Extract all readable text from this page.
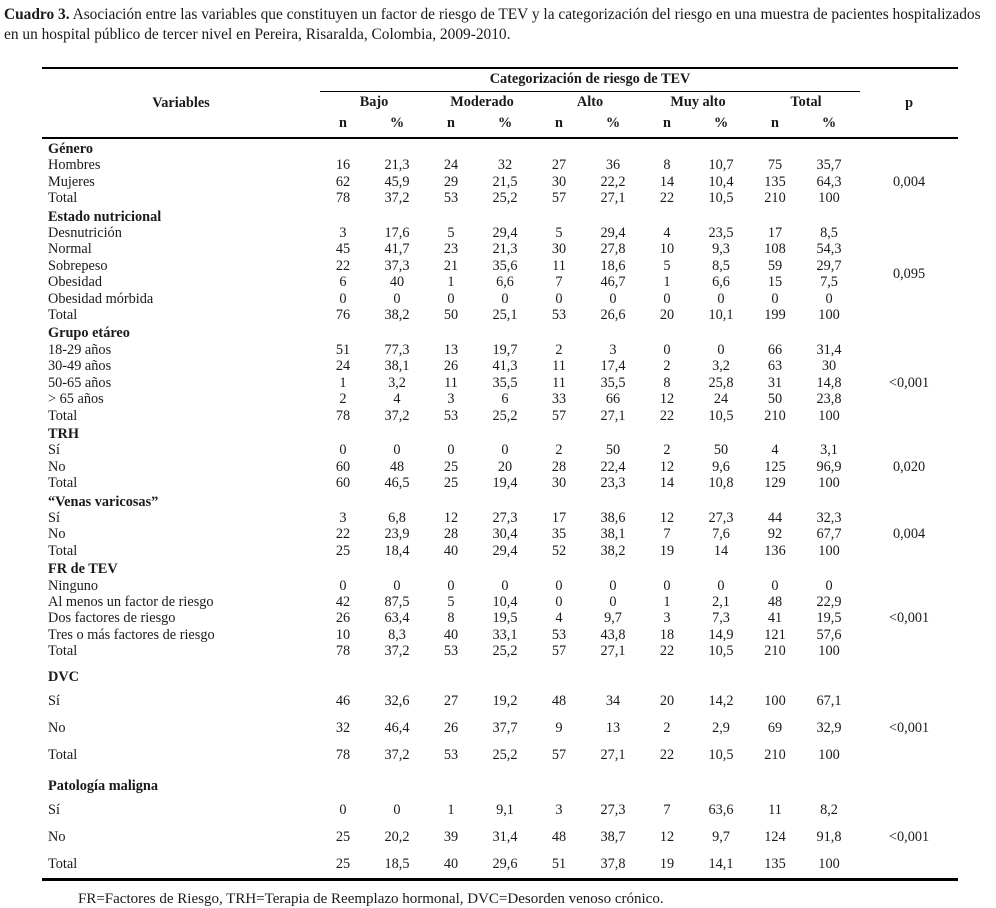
Cuadro 3. Asociación entre las variables que constituyen un factor de riesgo de TEV y la categorización del riesgo en una muestra de pacientes hospitalizados en un hospital público de tercer nivel en Pereira, Risaralda, Colombia, 2009-2010.

Variables	Categorización de riesgo de TEV										p
	Bajo		Moderado		Alto		Muy alto		Total		
	n	%	n	%	n	%	n	%	n	%	
Género											
Hombres	16	21,3	24	32	27	36	8	10,7	75	35,7	0,004
Mujeres	62	45,9	29	21,5	30	22,2	14	10,4	135	64,3	
Total	78	37,2	53	25,2	57	27,1	22	10,5	210	100	
Estado nutricional											
Desnutrición	3	17,6	5	29,4	5	29,4	4	23,5	17	8,5	0,095
Normal	45	41,7	23	21,3	30	27,8	10	9,3	108	54,3	
Sobrepeso	22	37,3	21	35,6	11	18,6	5	8,5	59	29,7	
Obesidad	6	40	1	6,6	7	46,7	1	6,6	15	7,5	
Obesidad mórbida	0	0	0	0	0	0	0	0	0	0	
Total	76	38,2	50	25,1	53	26,6	20	10,1	199	100	
Grupo etáreo											
18-29 años	51	77,3	13	19,7	2	3	0	0	66	31,4	<0,001
30-49 años	24	38,1	26	41,3	11	17,4	2	3,2	63	30	
50-65 años	1	3,2	11	35,5	11	35,5	8	25,8	31	14,8	
> 65 años	2	4	3	6	33	66	12	24	50	23,8	
Total	78	37,2	53	25,2	57	27,1	22	10,5	210	100	
TRH											
Sí	0	0	0	0	2	50	2	50	4	3,1	0,020
No	60	48	25	20	28	22,4	12	9,6	125	96,9	
Total	60	46,5	25	19,4	30	23,3	14	10,8	129	100	
“Venas varicosas”											
Sí	3	6,8	12	27,3	17	38,6	12	27,3	44	32,3	0,004
No	22	23,9	28	30,4	35	38,1	7	7,6	92	67,7	
Total	25	18,4	40	29,4	52	38,2	19	14	136	100	
FR de TEV											
Ninguno	0	0	0	0	0	0	0	0	0	0	<0,001
Al menos un factor de riesgo	42	87,5	5	10,4	0	0	1	2,1	48	22,9	
Dos factores de riesgo	26	63,4	8	19,5	4	9,7	3	7,3	41	19,5	
Tres o más factores de riesgo	10	8,3	40	33,1	53	43,8	18	14,9	121	57,6	
Total	78	37,2	53	25,2	57	27,1	22	10,5	210	100	
DVC											
Sí	46	32,6	27	19,2	48	34	20	14,2	100	67,1	<0,001
No	32	46,4	26	37,7	9	13	2	2,9	69	32,9	
Total	78	37,2	53	25,2	57	27,1	22	10,5	210	100	
Patología maligna											
Sí	0	0	1	9,1	3	27,3	7	63,6	11	8,2	<0,001
No	25	20,2	39	31,4	48	38,7	12	9,7	124	91,8	
Total	25	18,5	40	29,6	51	37,8	19	14,1	135	100	

FR=Factores de Riesgo, TRH=Terapia de Reemplazo hormonal, DVC=Desorden venoso crónico.
